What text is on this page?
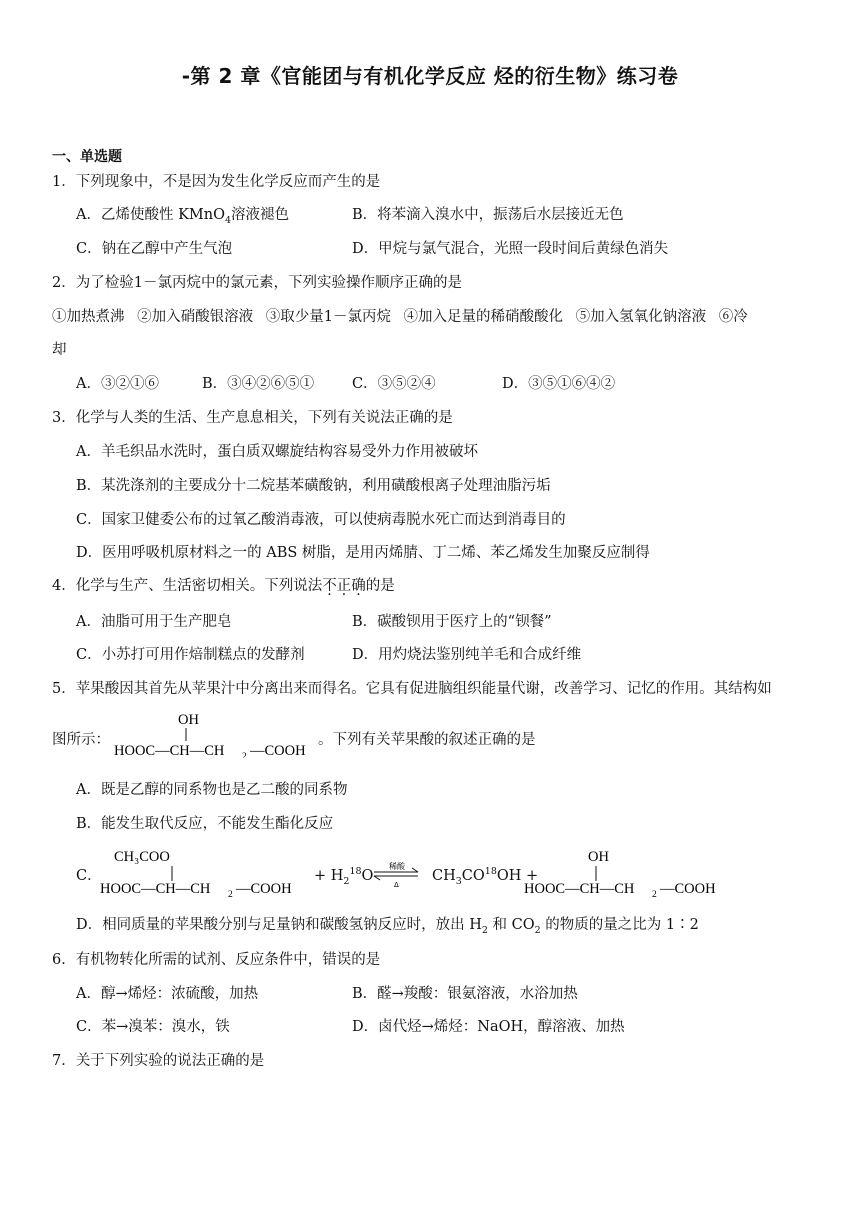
-第 2 章《官能团与有机化学反应 烃的衍生物》练习卷
一、单选题
1．下列现象中，不是因为发生化学反应而产生的是
A．乙烯使酸性 KMnO$_4$溶液褪色	B．将苯滴入溴水中，振荡后水层接近无色
C．钠在乙醇中产生气泡	D．甲烷与氯气混合，光照一段时间后黄绿色消失
2．为了检验1－氯丙烷中的氯元素，下列实验操作顺序正确的是
①加热煮沸 ②加入硝酸银溶液 ③取少量1－氯丙烷 ④加入足量的稀硝酸酸化 ⑤加入氢氧化钠溶液 ⑥冷
却
A．③②①⑥	B．③④②⑥⑤①	C．③⑤②④	D．③⑤①⑥④②
3．化学与人类的生活、生产息息相关，下列有关说法正确的是
A．羊毛织品水洗时，蛋白质双螺旋结构容易受外力作用被破坏
B．某洗涤剂的主要成分十二烷基苯磺酸钠，利用磺酸根离子处理油脂污垢
C．国家卫健委公布的过氧乙酸消毒液，可以使病毒脱水死亡而达到消毒目的
D．医用呼吸机原材料之一的 ABS 树脂，是用丙烯腈、丁二烯、苯乙烯发生加聚反应制得
4．化学与生产、生活密切相关。下列说法不正确的是
A．油脂可用于生产肥皂	B．碳酸钡用于医疗上的“钡餐”
C．小苏打可用作焙制糕点的发酵剂	D．用灼烧法鉴别纯羊毛和合成纤维
5．苹果酸因其首先从苹果汁中分离出来而得名。它具有促进脑组织能量代谢，改善学习、记忆的作用。其结构如
图所示：
OH
HOOC—CH—CH 2 —COOH
。下列有关苹果酸的叙述正确的是
A．既是乙醇的同系物也是乙二酸的同系物
B．能发生取代反应，不能发生酯化反应
C．
CH₃COO
HOOC—CH—CH 2 —COOH
+ $H_2^{18}O$
稀酸
Δ
$CH_3CO^{18}OH$ +
OH
HOOC—CH—CH 2 —COOH
D．相同质量的苹果酸分别与足量钠和碳酸氢钠反应时，放出 $H_2$ 和 $CO_2$ 的物质的量之比为 1∶2
6．有机物转化所需的试剂、反应条件中，错误的是
A．醇→烯烃：浓硫酸，加热	B．醛→羧酸：银氨溶液，水浴加热
C．苯→溴苯：溴水，铁	D．卤代烃→烯烃：NaOH，醇溶液、加热
7．关于下列实验的说法正确的是
